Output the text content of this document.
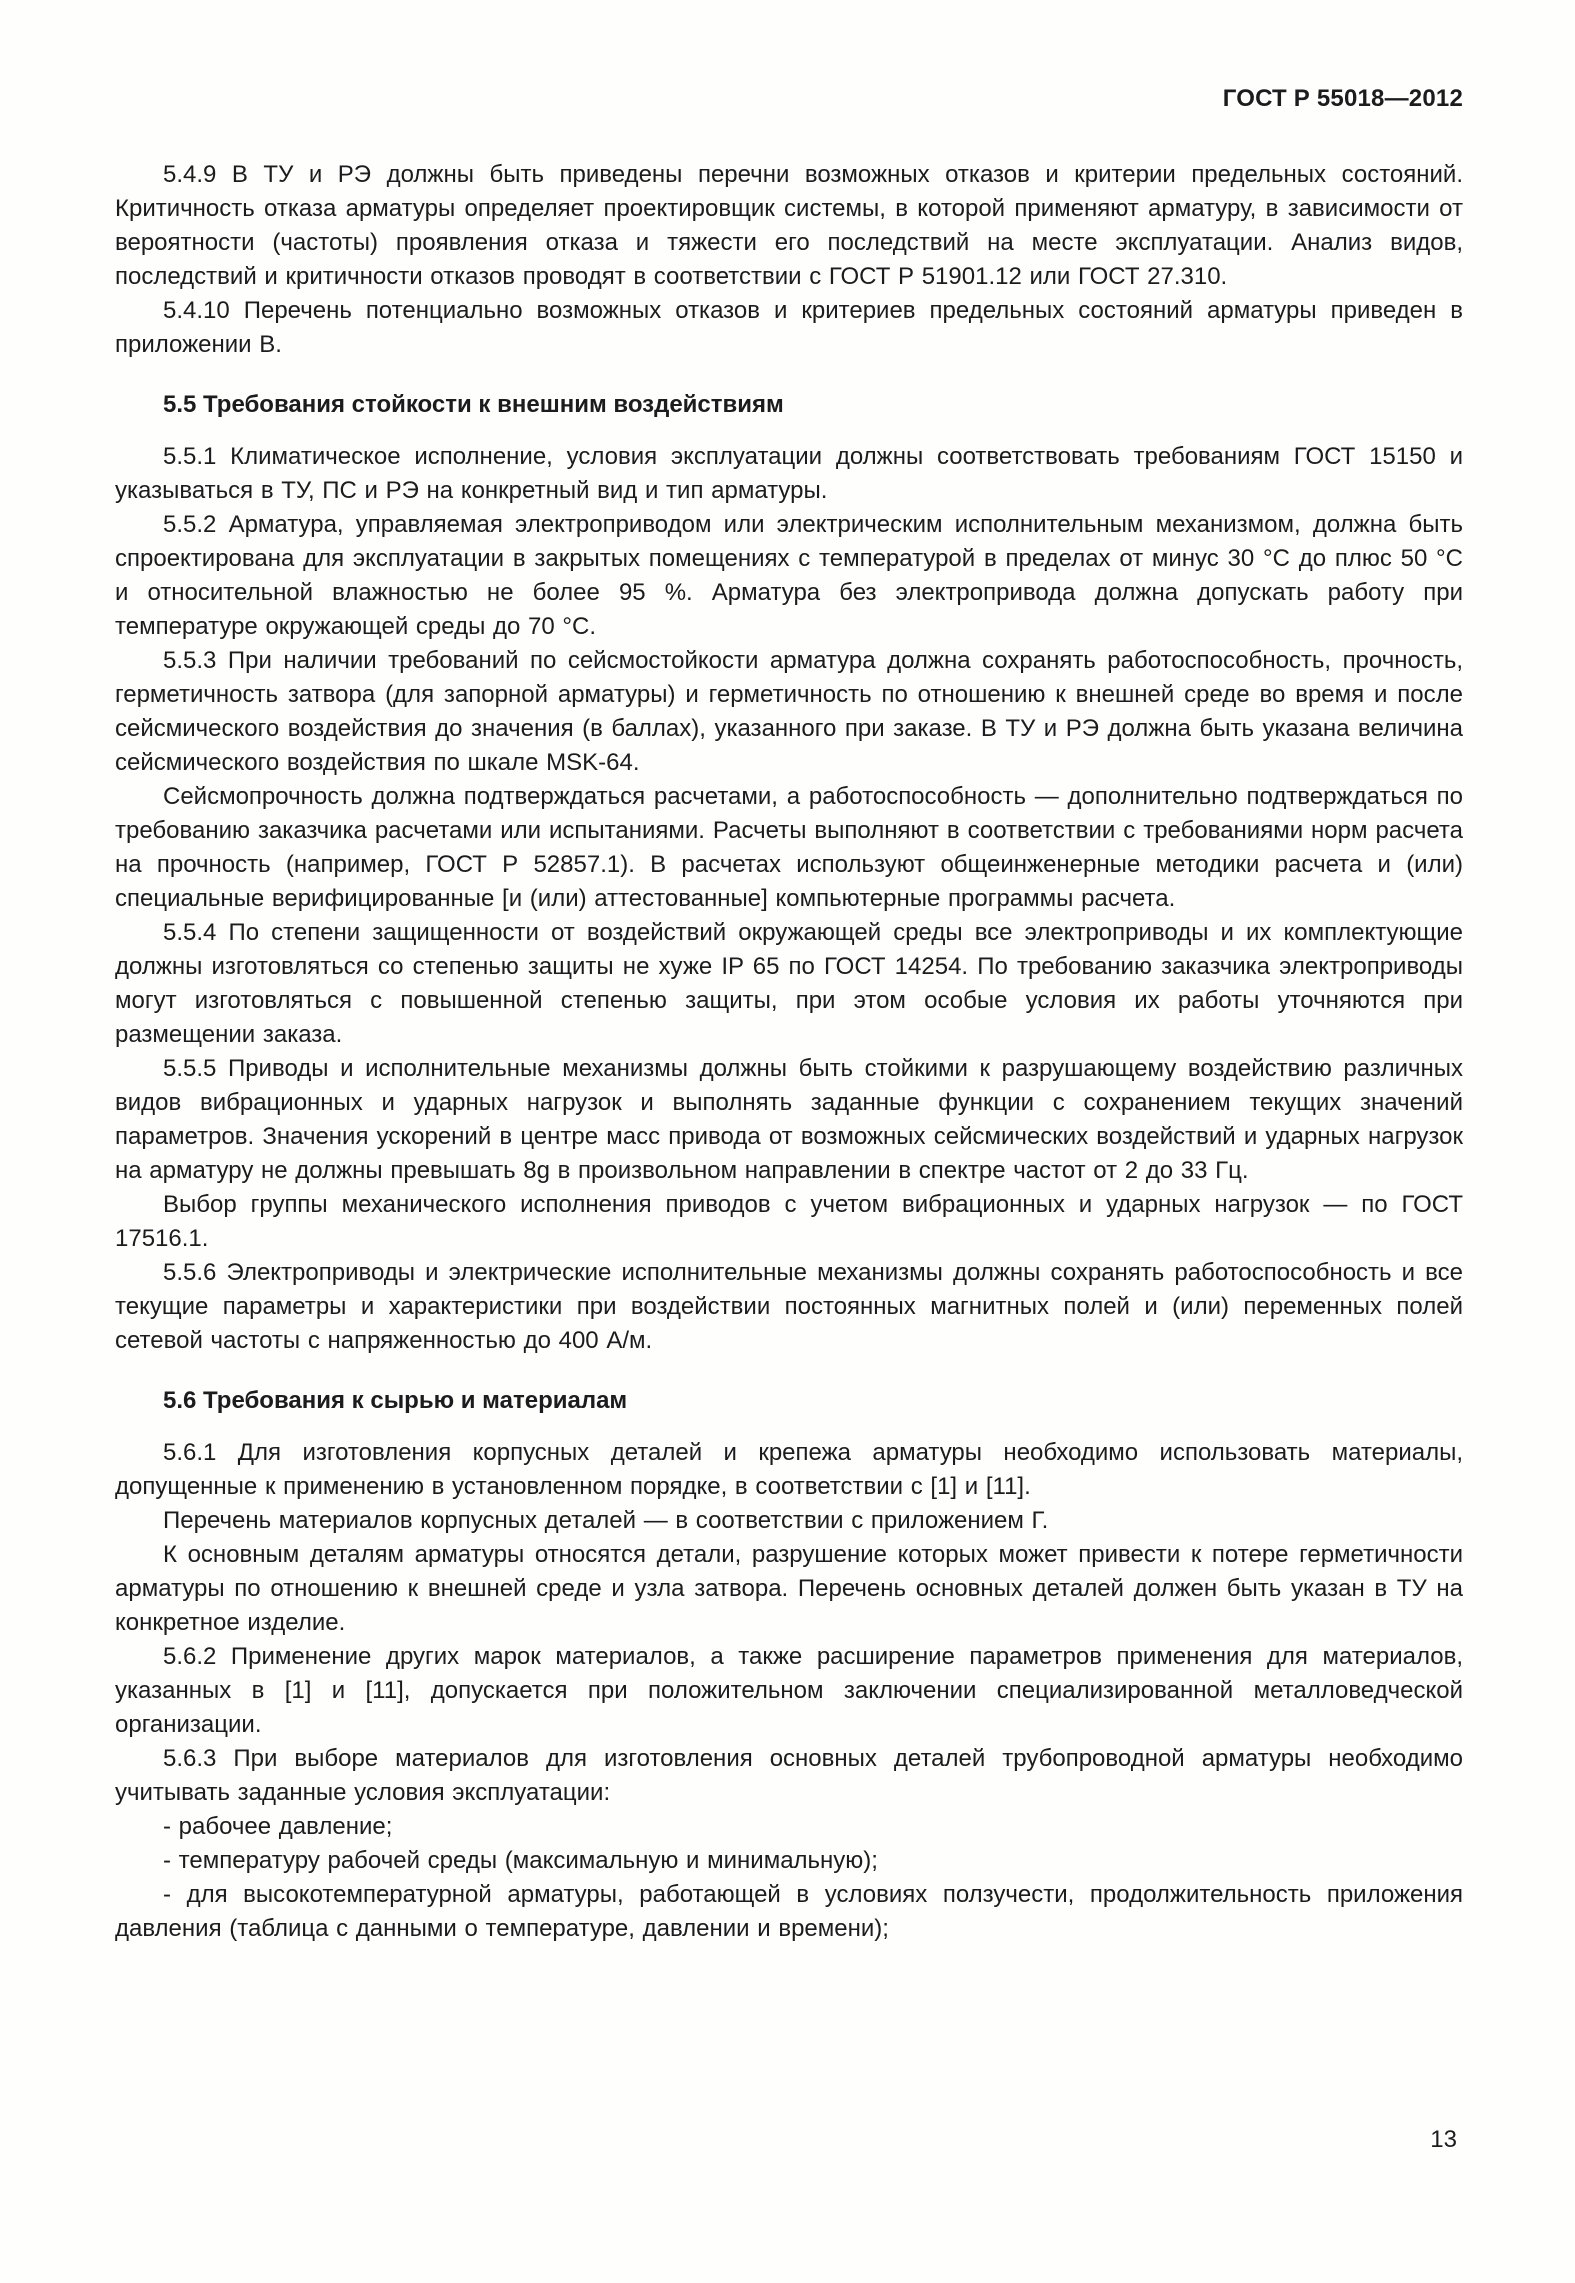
ГОСТ Р 55018—2012

5.4.9 В ТУ и РЭ должны быть приведены перечни возможных отказов и критерии предельных состояний. Критичность отказа арматуры определяет проектировщик системы, в которой применяют арматуру, в зависимости от вероятности (частоты) проявления отказа и тяжести его последствий на месте эксплуатации. Анализ видов, последствий и критичности отказов проводят в соответствии с ГОСТ Р 51901.12 или ГОСТ 27.310.

5.4.10 Перечень потенциально возможных отказов и критериев предельных состояний арматуры приведен в приложении В.

5.5 Требования стойкости к внешним воздействиям

5.5.1 Климатическое исполнение, условия эксплуатации должны соответствовать требованиям ГОСТ 15150 и указываться в ТУ, ПС и РЭ на конкретный вид и тип арматуры.

5.5.2 Арматура, управляемая электроприводом или электрическим исполнительным механизмом, должна быть спроектирована для эксплуатации в закрытых помещениях с температурой в пределах от минус 30 °С до плюс 50 °С и относительной влажностью не более 95 %. Арматура без электропривода должна допускать работу при температуре окружающей среды до 70 °С.

5.5.3 При наличии требований по сейсмостойкости арматура должна сохранять работоспособность, прочность, герметичность затвора (для запорной арматуры) и герметичность по отношению к внешней среде во время и после сейсмического воздействия до значения (в баллах), указанного при заказе. В ТУ и РЭ должна быть указана величина сейсмического воздействия по шкале MSK-64.

Сейсмопрочность должна подтверждаться расчетами, а работоспособность — дополнительно подтверждаться по требованию заказчика расчетами или испытаниями. Расчеты выполняют в соответствии с требованиями норм расчета на прочность (например, ГОСТ Р 52857.1). В расчетах используют общеинженерные методики расчета и (или) специальные верифицированные [и (или) аттестованные] компьютерные программы расчета.

5.5.4 По степени защищенности от воздействий окружающей среды все электроприводы и их комплектующие должны изготовляться со степенью защиты не хуже IP 65 по ГОСТ 14254. По требованию заказчика электроприводы могут изготовляться с повышенной степенью защиты, при этом особые условия их работы уточняются при размещении заказа.

5.5.5 Приводы и исполнительные механизмы должны быть стойкими к разрушающему воздействию различных видов вибрационных и ударных нагрузок и выполнять заданные функции с сохранением текущих значений параметров. Значения ускорений в центре масс привода от возможных сейсмических воздействий и ударных нагрузок на арматуру не должны превышать 8g в произвольном направлении в спектре частот от 2 до 33 Гц.

Выбор группы механического исполнения приводов с учетом вибрационных и ударных нагрузок — по ГОСТ 17516.1.

5.5.6 Электроприводы и электрические исполнительные механизмы должны сохранять работоспособность и все текущие параметры и характеристики при воздействии постоянных магнитных полей и (или) переменных полей сетевой частоты с напряженностью до 400 А/м.

5.6 Требования к сырью и материалам

5.6.1 Для изготовления корпусных деталей и крепежа арматуры необходимо использовать материалы, допущенные к применению в установленном порядке, в соответствии с [1] и [11].

Перечень материалов корпусных деталей — в соответствии с приложением Г.

К основным деталям арматуры относятся детали, разрушение которых может привести к потере герметичности арматуры по отношению к внешней среде и узла затвора. Перечень основных деталей должен быть указан в ТУ на конкретное изделие.

5.6.2 Применение других марок материалов, а также расширение параметров применения для материалов, указанных в [1] и [11], допускается при положительном заключении специализированной металловедческой организации.

5.6.3 При выборе материалов для изготовления основных деталей трубопроводной арматуры необходимо учитывать заданные условия эксплуатации:

- рабочее давление;

- температуру рабочей среды (максимальную и минимальную);

- для высокотемпературной арматуры, работающей в условиях ползучести, продолжительность приложения давления (таблица с данными о температуре, давлении и времени);

13
